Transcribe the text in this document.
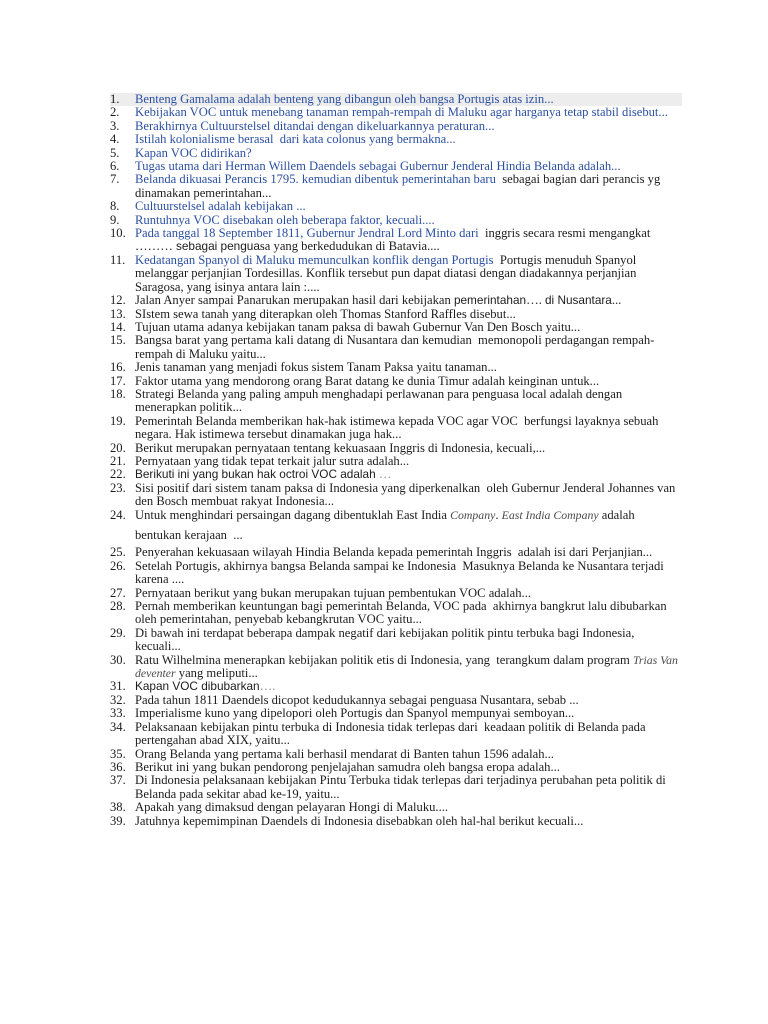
1.	Benteng Gamalama adalah benteng yang dibangun oleh bangsa Portugis atas izin...
2.	Kebijakan VOC untuk menebang tanaman rempah-rempah di Maluku agar harganya tetap stabil disebut...
3.	Berakhirnya Cultuurstelsel ditandai dengan dikeluarkannya peraturan...
4.	Istilah kolonialisme berasal  dari kata colonus yang bermakna...
5.	Kapan VOC didirikan?
6.	Tugas utama dari Herman Willem Daendels sebagai Gubernur Jenderal Hindia Belanda adalah...
7.	Belanda dikuasai Perancis 1795. kemudian dibentuk pemerintahan baru  sebagai bagian dari perancis yg dinamakan pemerintahan...
8.	Cultuurstelsel adalah kebijakan ...
9.	Runtuhnya VOC disebakan oleh beberapa faktor, kecuali....
10. Pada tanggal 18 September 1811, Gubernur Jendral Lord Minto dari  inggris secara resmi mengangkat ……… sebagai penguasa yang berkedudukan di Batavia....
11. Kedatangan Spanyol di Maluku memunculkan konflik dengan Portugis  Portugis menuduh Spanyol melanggar perjanjian Tordesillas. Konflik tersebut pun dapat diatasi dengan diadakannya perjanjian Saragosa, yang isinya antara lain :....
12. Jalan Anyer sampai Panarukan merupakan hasil dari kebijakan pemerintahan…. di Nusantara...
13. SIstem sewa tanah yang diterapkan oleh Thomas Stanford Raffles disebut...
14. Tujuan utama adanya kebijakan tanam paksa di bawah Gubernur Van Den Bosch yaitu...
15. Bangsa barat yang pertama kali datang di Nusantara dan kemudian  memonopoli perdagangan rempah-rempah di Maluku yaitu...
16. Jenis tanaman yang menjadi fokus sistem Tanam Paksa yaitu tanaman...
17. Faktor utama yang mendorong orang Barat datang ke dunia Timur adalah keinginan untuk...
18. Strategi Belanda yang paling ampuh menghadapi perlawanan para penguasa local adalah dengan menerapkan politik...
19. Pemerintah Belanda memberikan hak-hak istimewa kepada VOC agar VOC  berfungsi layaknya sebuah negara. Hak istimewa tersebut dinamakan juga hak...
20. Berikut merupakan pernyataan tentang kekuasaan Inggris di Indonesia, kecuali,...
21. Pernyataan yang tidak tepat terkait jalur sutra adalah...
22. Berikuti ini yang bukan hak octroi VOC adalah …
23. Sisi positif dari sistem tanam paksa di Indonesia yang diperkenalkan  oleh Gubernur Jenderal Johannes van den Bosch membuat rakyat Indonesia...
24. Untuk menghindari persaingan dagang dibentuklah East India Company. East India Company adalah
bentukan kerajaan  ...
25. Penyerahan kekuasaan wilayah Hindia Belanda kepada pemerintah Inggris  adalah isi dari Perjanjian...
26. Setelah Portugis, akhirnya bangsa Belanda sampai ke Indonesia  Masuknya Belanda ke Nusantara terjadi karena ....
27. Pernyataan berikut yang bukan merupakan tujuan pembentukan VOC adalah...
28. Pernah memberikan keuntungan bagi pemerintah Belanda, VOC pada  akhirnya bangkrut lalu dibubarkan oleh pemerintahan, penyebab kebangkrutan VOC yaitu...
29. Di bawah ini terdapat beberapa dampak negatif dari kebijakan politik pintu terbuka bagi Indonesia, kecuali...
30. Ratu Wilhelmina menerapkan kebijakan politik etis di Indonesia, yang  terangkum dalam program Trias Van deventer yang meliputi...
31. Kapan VOC dibubarkan….
32. Pada tahun 1811 Daendels dicopot kedudukannya sebagai penguasa Nusantara, sebab ...
33. Imperialisme kuno yang dipelopori oleh Portugis dan Spanyol mempunyai semboyan...
34. Pelaksanaan kebijakan pintu terbuka di Indonesia tidak terlepas dari  keadaan politik di Belanda pada pertengahan abad XIX, yaitu...
35. Orang Belanda yang pertama kali berhasil mendarat di Banten tahun 1596 adalah...
36. Berikut ini yang bukan pendorong penjelajahan samudra oleh bangsa eropa adalah...
37. Di Indonesia pelaksanaan kebijakan Pintu Terbuka tidak terlepas dari terjadinya perubahan peta politik di Belanda pada sekitar abad ke-19, yaitu...
38. Apakah yang dimaksud dengan pelayaran Hongi di Maluku....
39. Jatuhnya kepemimpinan Daendels di Indonesia disebabkan oleh hal-hal berikut kecuali...
